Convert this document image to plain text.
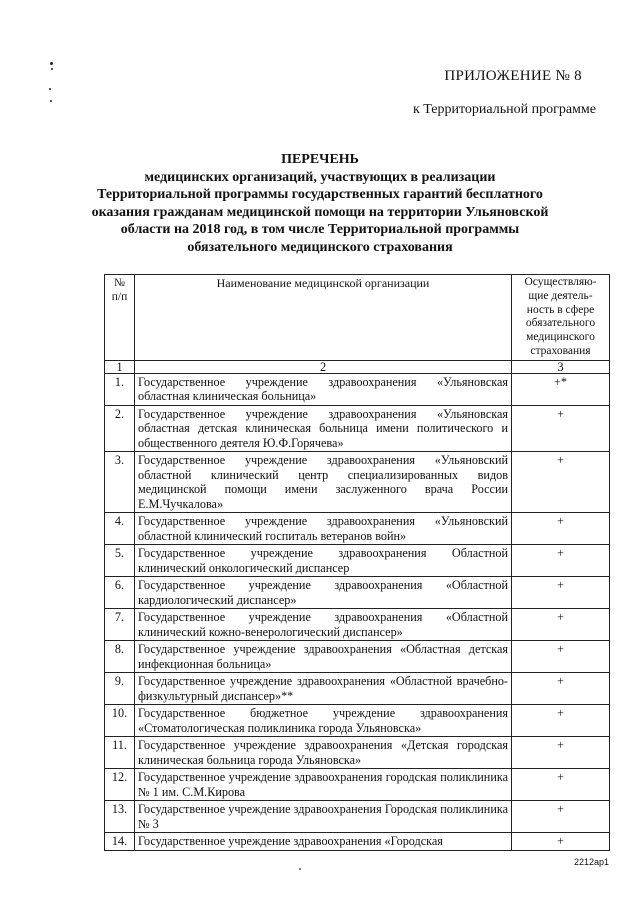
ПРИЛОЖЕНИЕ № 8
к Территориальной программе
ПЕРЕЧЕНЬ
медицинских организаций, участвующих в реализации
Территориальной программы государственных гарантий бесплатного
оказания гражданам медицинской помощи на территории Ульяновской
области на 2018 год, в том числе Территориальной программы
обязательного медицинского страхования
№ п/п	Наименование медицинской организации	Осуществляю-щие деятель-ность в сфере обязательного медицинского страхования
1	2	3
1.	Государственное учреждение здравоохранения «Ульяновская областная клиническая больница»	+*
2.	Государственное учреждение здравоохранения «Ульяновская областная детская клиническая больница имени политического и общественного деятеля Ю.Ф.Горячева»	+
3.	Государственное учреждение здравоохранения «Ульяновский областной клинический центр специализированных видов медицинской помощи имени заслуженного врача России Е.М.Чучкалова»	+
4.	Государственное учреждение здравоохранения «Ульяновский областной клинический госпиталь ветеранов войн»	+
5.	Государственное учреждение здравоохранения Областной клинический онкологический диспансер	+
6.	Государственное учреждение здравоохранения «Областной кардиологический диспансер»	+
7.	Государственное учреждение здравоохранения «Областной клинический кожно-венерологический диспансер»	+
8.	Государственное учреждение здравоохранения «Областная детская инфекционная больница»	+
9.	Государственное учреждение здравоохранения «Областной врачебно-физкультурный диспансер»**	+
10.	Государственное бюджетное учреждение здравоохранения «Стоматологическая поликлиника города Ульяновска»	+
11.	Государственное учреждение здравоохранения «Детская городская клиническая больница города Ульяновска»	+
12.	Государственное учреждение здравоохранения городская поликлиника № 1 им. С.М.Кирова	+
13.	Государственное учреждение здравоохранения Городская поликлиника № 3	+
14.	Государственное учреждение здравоохранения «Городская	+
2212ap1
